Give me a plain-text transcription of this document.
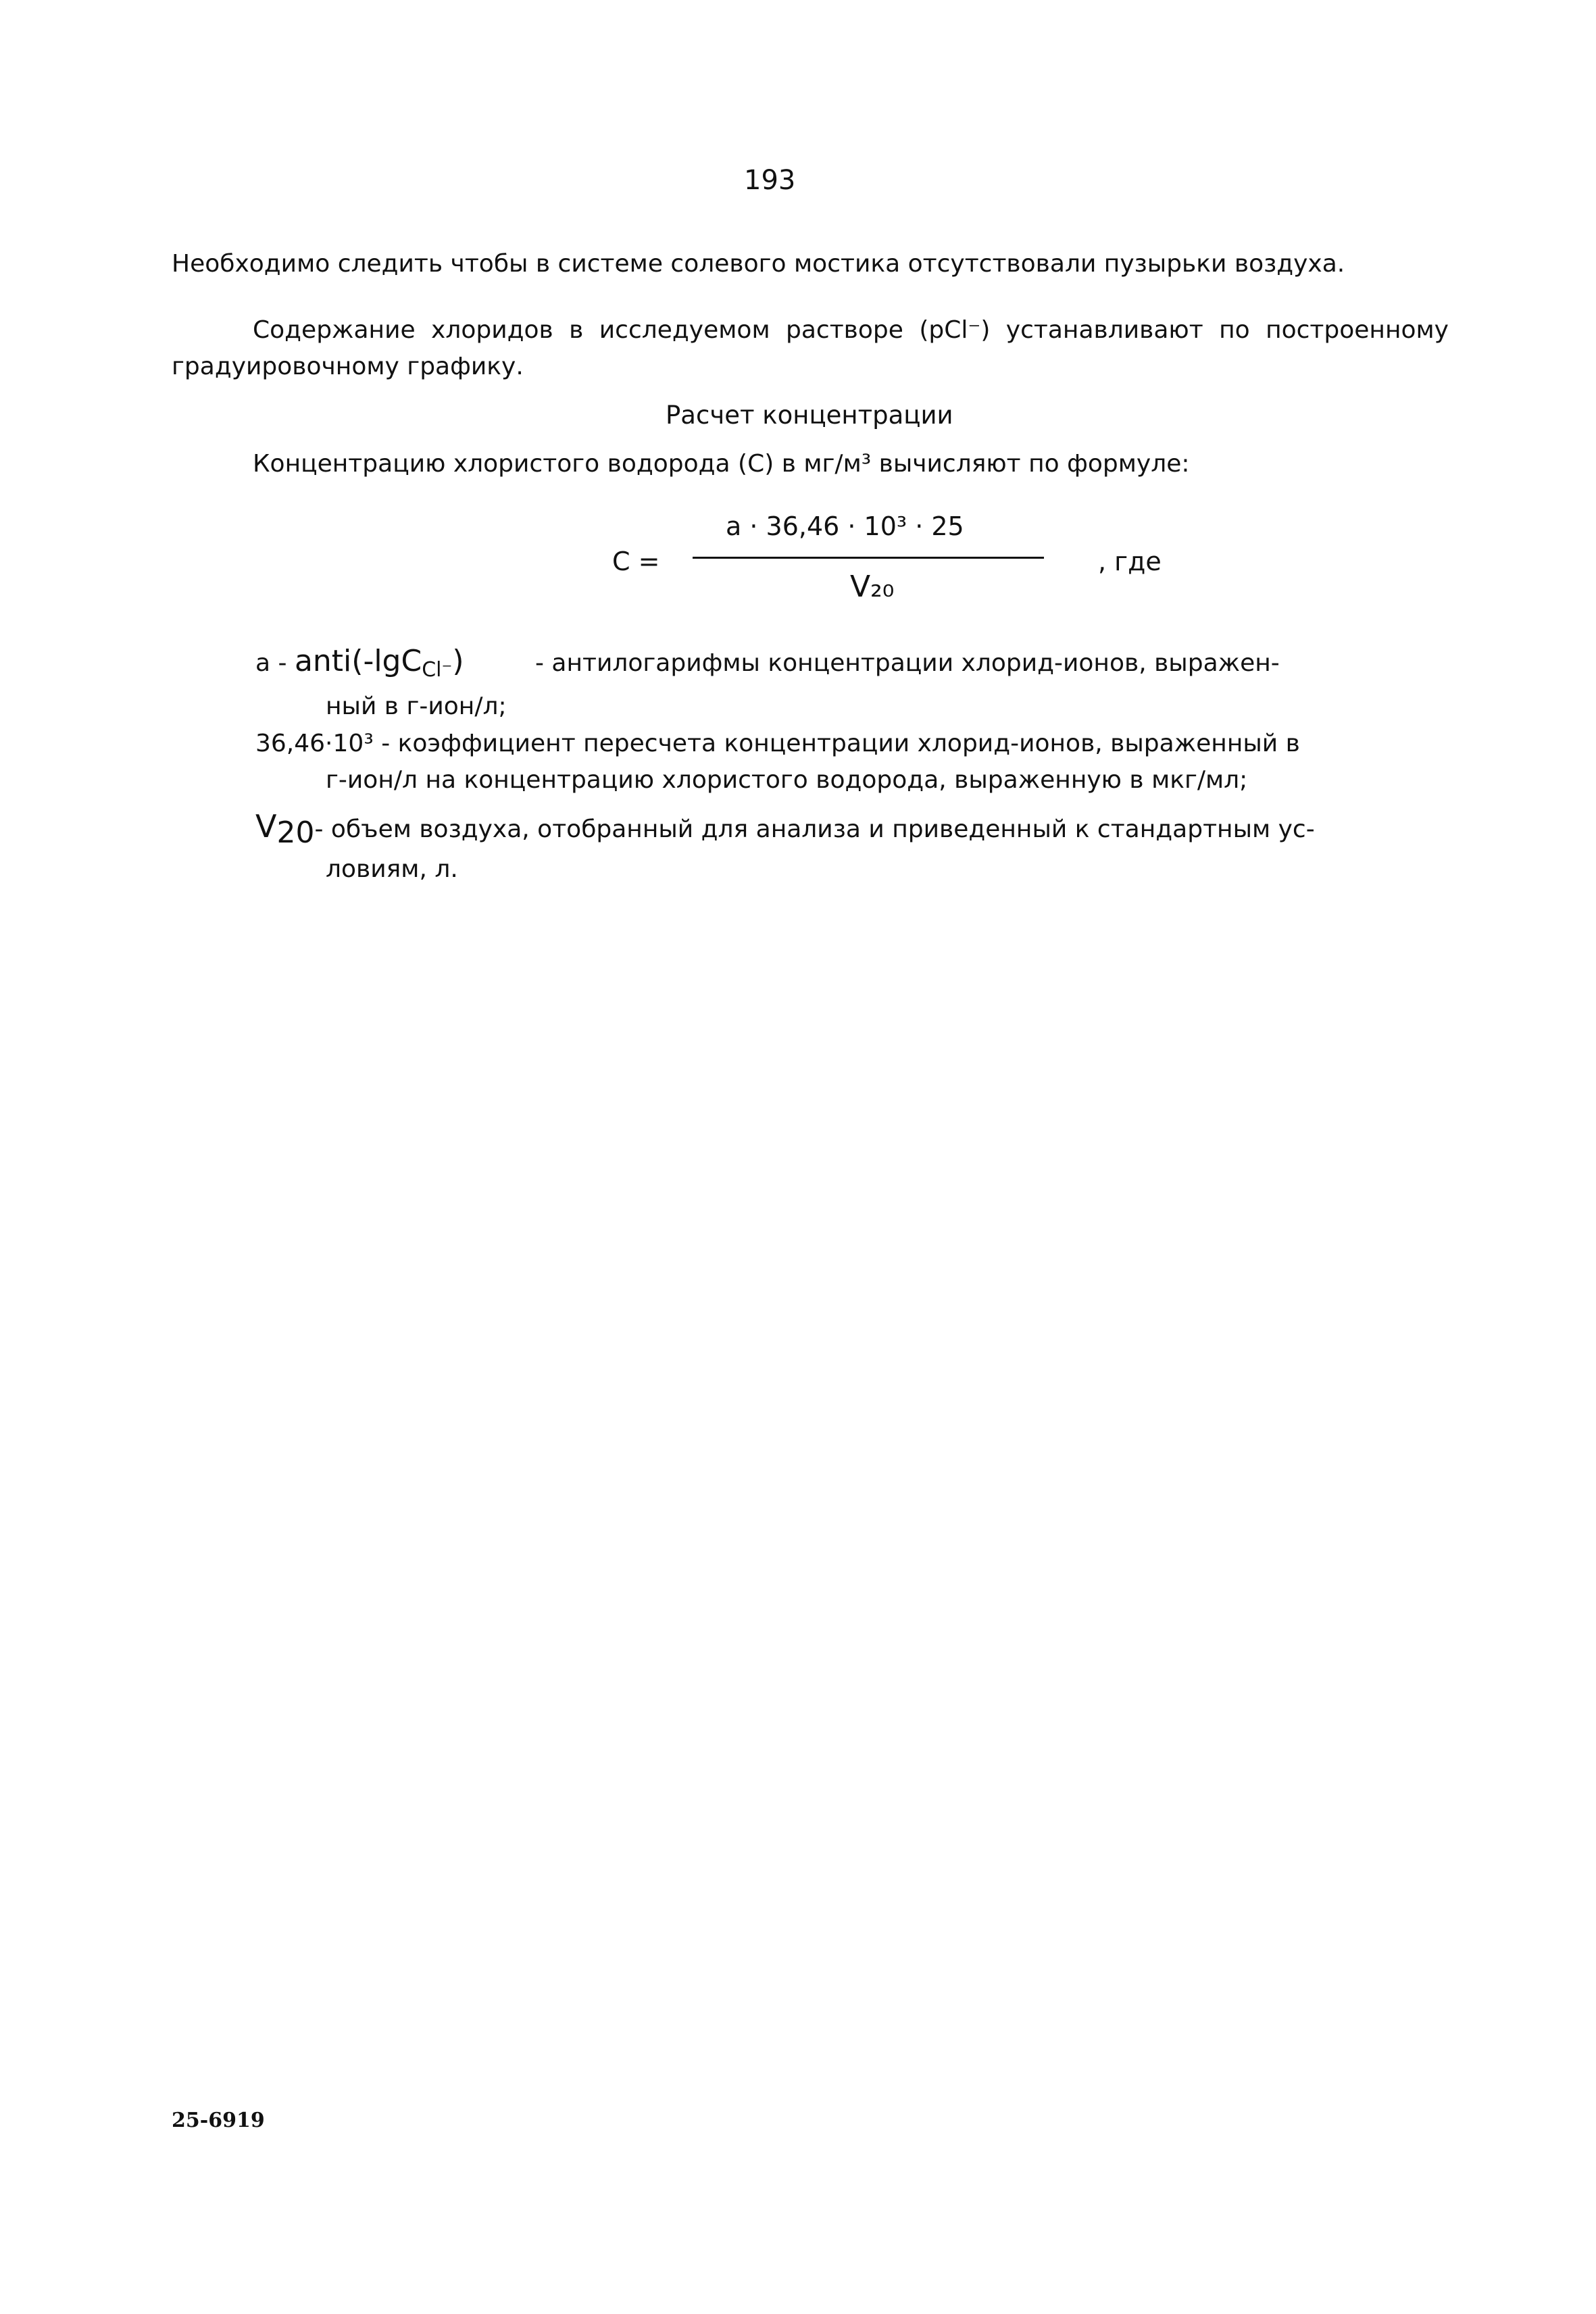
193
Необходимо следить чтобы в системе солевого мостика отсутствовали пузырьки воздуха.
Содержание хлоридов в исследуемом растворе (рCl⁻) устанавливают по построенному градуировочному графику.
Расчет концентрации
Концентрацию хлористого водорода (С) в мг/м³ вычисляют по формуле:
С =
а · 36,46 · 10³ · 25
V₂₀
, где
а - anti(-lgC$_{Cl^-}$)	- антилогарифмы концентрации хлорид-ионов, выражен-
ный в г-ион/л;
36,46·10³ - коэффициент пересчета концентрации хлорид-ионов, выраженный в
г-ион/л на концентрацию хлористого водорода, выраженную в мкг/мл;
$V_{20}-$ объем воздуха, отобранный для анализа и приведенный к стандартным ус-
ловиям, л.
25-6919
